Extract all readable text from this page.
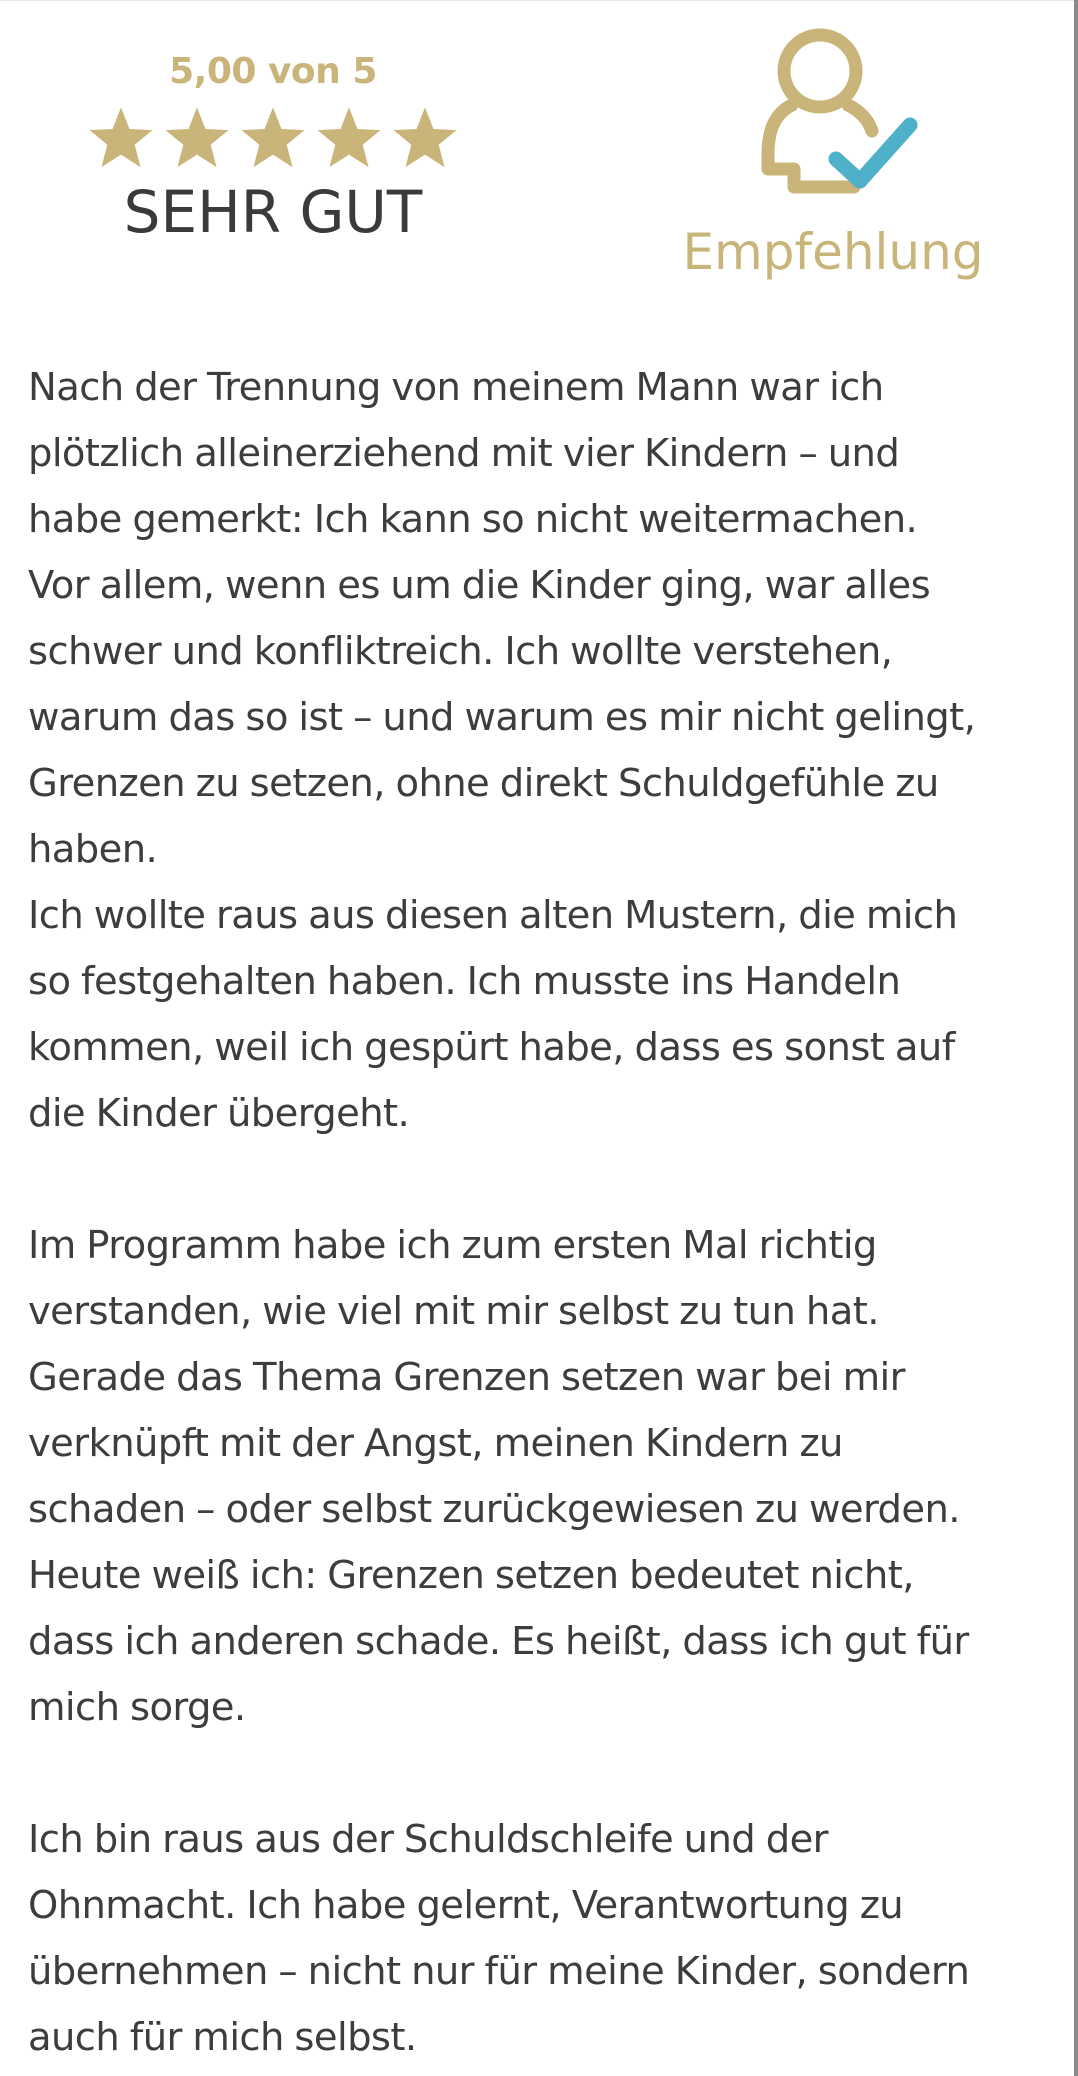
5,00 von 5
SEHR GUT
Empfehlung

Nach der Trennung von meinem Mann war ich

plötzlich alleinerziehend mit vier Kindern – und

habe gemerkt: Ich kann so nicht weitermachen.

Vor allem, wenn es um die Kinder ging, war alles

schwer und konfliktreich. Ich wollte verstehen,

warum das so ist – und warum es mir nicht gelingt,

Grenzen zu setzen, ohne direkt Schuldgefühle zu

haben.

Ich wollte raus aus diesen alten Mustern, die mich

so festgehalten haben. Ich musste ins Handeln

kommen, weil ich gespürt habe, dass es sonst auf

die Kinder übergeht.

Im Programm habe ich zum ersten Mal richtig

verstanden, wie viel mit mir selbst zu tun hat.

Gerade das Thema Grenzen setzen war bei mir

verknüpft mit der Angst, meinen Kindern zu

schaden – oder selbst zurückgewiesen zu werden.

Heute weiß ich: Grenzen setzen bedeutet nicht,

dass ich anderen schade. Es heißt, dass ich gut für

mich sorge.

Ich bin raus aus der Schuldschleife und der

Ohnmacht. Ich habe gelernt, Verantwortung zu

übernehmen – nicht nur für meine Kinder, sondern

auch für mich selbst.
